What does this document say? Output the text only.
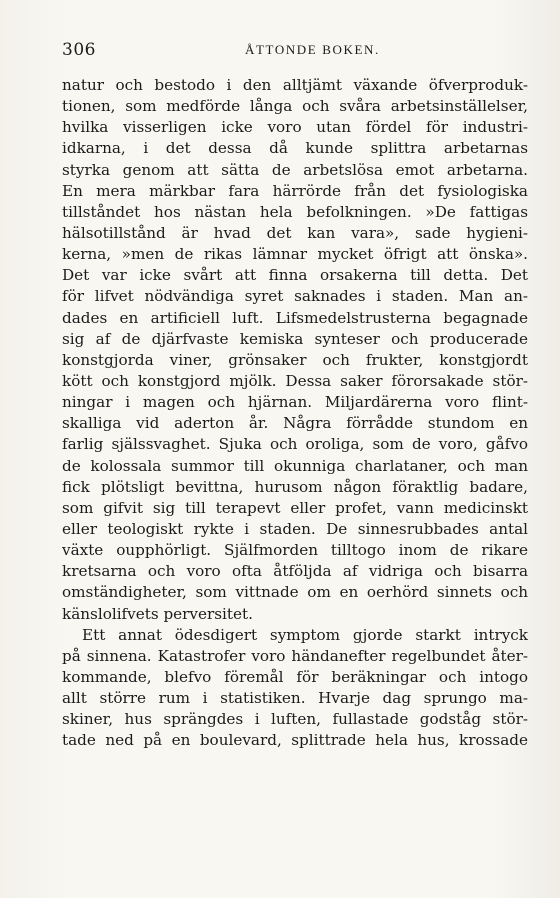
306	ÅTTONDE BOKEN.
natur och bestodo i den alltjämt växande öfverproduk-
tionen, som medförde långa och svåra arbetsinställelser,
hvilka visserligen icke voro utan fördel för industri-
idkarna, i det dessa då kunde splittra arbetarnas
styrka genom att sätta de arbetslösa emot arbetarna.
En mera märkbar fara härrörde från det fysiologiska
tillståndet hos nästan hela befolkningen. »De fattigas
hälsotillstånd är hvad det kan vara», sade hygieni-
kerna, »men de rikas lämnar mycket öfrigt att önska».
Det var icke svårt att finna orsakerna till detta. Det
för lifvet nödvändiga syret saknades i staden. Man an-
dades en artificiell luft. Lifsmedelstrusterna begagnade
sig af de djärfvaste kemiska synteser och producerade
konstgjorda viner, grönsaker och frukter, konstgjordt
kött och konstgjord mjölk. Dessa saker förorsakade stör-
ningar i magen och hjärnan. Miljardärerna voro flint-
skalliga vid aderton år. Några förrådde stundom en
farlig själssvaghet. Sjuka och oroliga, som de voro, gåfvo
de kolossala summor till okunniga charlataner, och man
fick plötsligt bevittna, hurusom någon föraktlig badare,
som gifvit sig till terapevt eller profet, vann medicinskt
eller teologiskt rykte i staden. De sinnesrubbades antal
växte oupphörligt. Själfmorden tilltogo inom de rikare
kretsarna och voro ofta åtföljda af vidriga och bisarra
omständigheter, som vittnade om en oerhörd sinnets och
känslolifvets perversitet.
Ett annat ödesdigert symptom gjorde starkt intryck
på sinnena. Katastrofer voro händanefter regelbundet åter-
kommande, blefvo föremål för beräkningar och intogo
allt större rum i statistiken. Hvarje dag sprungo ma-
skiner, hus sprängdes i luften, fullastade godståg stör-
tade ned på en boulevard, splittrade hela hus, krossade
